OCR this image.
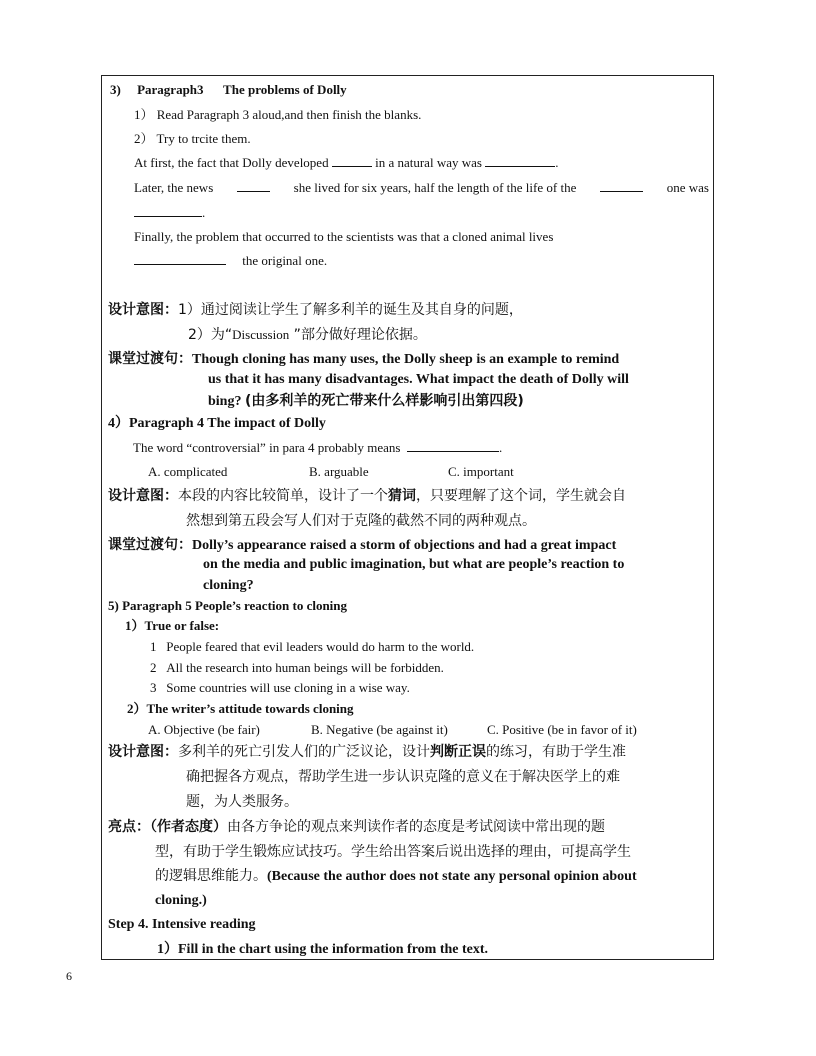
3) Paragraph3 The problems of Dolly
1） Read Paragraph 3 aloud,and then finish the blanks.
2） Try to trcite them.
At first, the fact that Dolly developed	in a natural way was	.
Later, the news	she lived for six years, half the length of the life of the	one was
.
Finally, the problem that occurred to the scientists was that a cloned animal lives
the original one.
设计意图：1）通过阅读让学生了解多利羊的诞生及其自身的问题，
2）为“Discussion ”部分做好理论依据。
课堂过渡句：Though cloning has many uses, the Dolly sheep is an example to remind
us that it has many disadvantages. What impact the death of Dolly will
bing? (由多利羊的死亡带来什么样影响引出第四段)
4）Paragraph 4 The impact of Dolly
The word “controversial” in para 4 probably means	.
A. complicated	B. arguable	C. important
设计意图：本段的内容比较简单，设计了一个猜词，只要理解了这个词，学生就会自
然想到第五段会写人们对于克隆的截然不同的两种观点。
课堂过渡句：Dolly’s appearance raised a storm of objections and had a great impact
on the media and public imagination, but what are people’s reaction to
cloning?
5) Paragraph 5 People’s reaction to cloning
1）True or false:
1 People feared that evil leaders would do harm to the world.
2 All the research into human beings will be forbidden.
3 Some countries will use cloning in a wise way.
2）The writer’s attitude towards cloning
A. Objective (be fair)	B. Negative (be against it)	C. Positive (be in favor of it)
设计意图：多利羊的死亡引发人们的广泛议论，设计判断正误的练习，有助于学生准
确把握各方观点，帮助学生进一步认识克隆的意义在于解决医学上的难
题，为人类服务。
亮点：（作者态度）由各方争论的观点来判读作者的态度是考试阅读中常出现的题
型，有助于学生锻炼应试技巧。学生给出答案后说出选择的理由，可提高学生
的逻辑思维能力。(Because the author does not state any personal opinion about
cloning.)
Step 4. Intensive reading
1）Fill in the chart using the information from the text.
6
